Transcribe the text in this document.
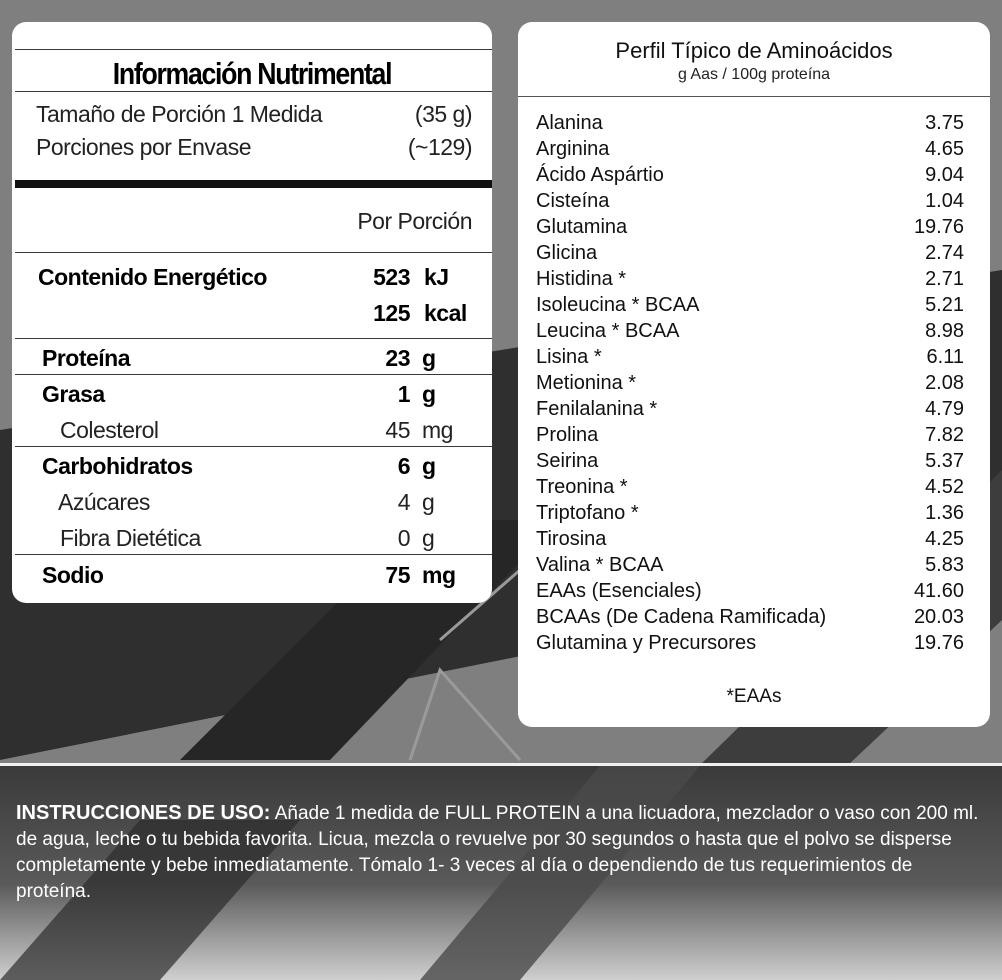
Información Nutrimental
Tamaño de Porción 1 Medida	(35 g)
Porciones por Envase	(~129)
Por Porción
Contenido Energético	523 kJ
125 kcal
Proteína	23 g
Grasa	1 g
Colesterol	45 mg
Carbohidratos	6 g
Azúcares	4 g
Fibra Dietética	0 g
Sodio	75 mg
Perfil Típico de Aminoácidos
g Aas / 100g proteína
Alanina	3.75
Arginina	4.65
Ácido Aspártio	9.04
Cisteína	1.04
Glutamina	19.76
Glicina	2.74
Histidina *	2.71
Isoleucina * BCAA	5.21
Leucina * BCAA	8.98
Lisina *	6.11
Metionina *	2.08
Fenilalanina *	4.79
Prolina	7.82
Seirina	5.37
Treonina *	4.52
Triptofano *	1.36
Tirosina	4.25
Valina * BCAA	5.83
EAAs (Esenciales)	41.60
BCAAs (De Cadena Ramificada)	20.03
Glutamina y Precursores	19.76
*EAAs
INSTRUCCIONES DE USO: Añade 1 medida de FULL PROTEIN a una licuadora, mezclador o vaso con 200 ml. de agua, leche o tu bebida favorita. Licua, mezcla o revuelve por 30 segundos o hasta que el polvo se disperse completamente y bebe inmediatamente. Tómalo 1- 3 veces al día o dependiendo de tus requerimientos de proteína.
